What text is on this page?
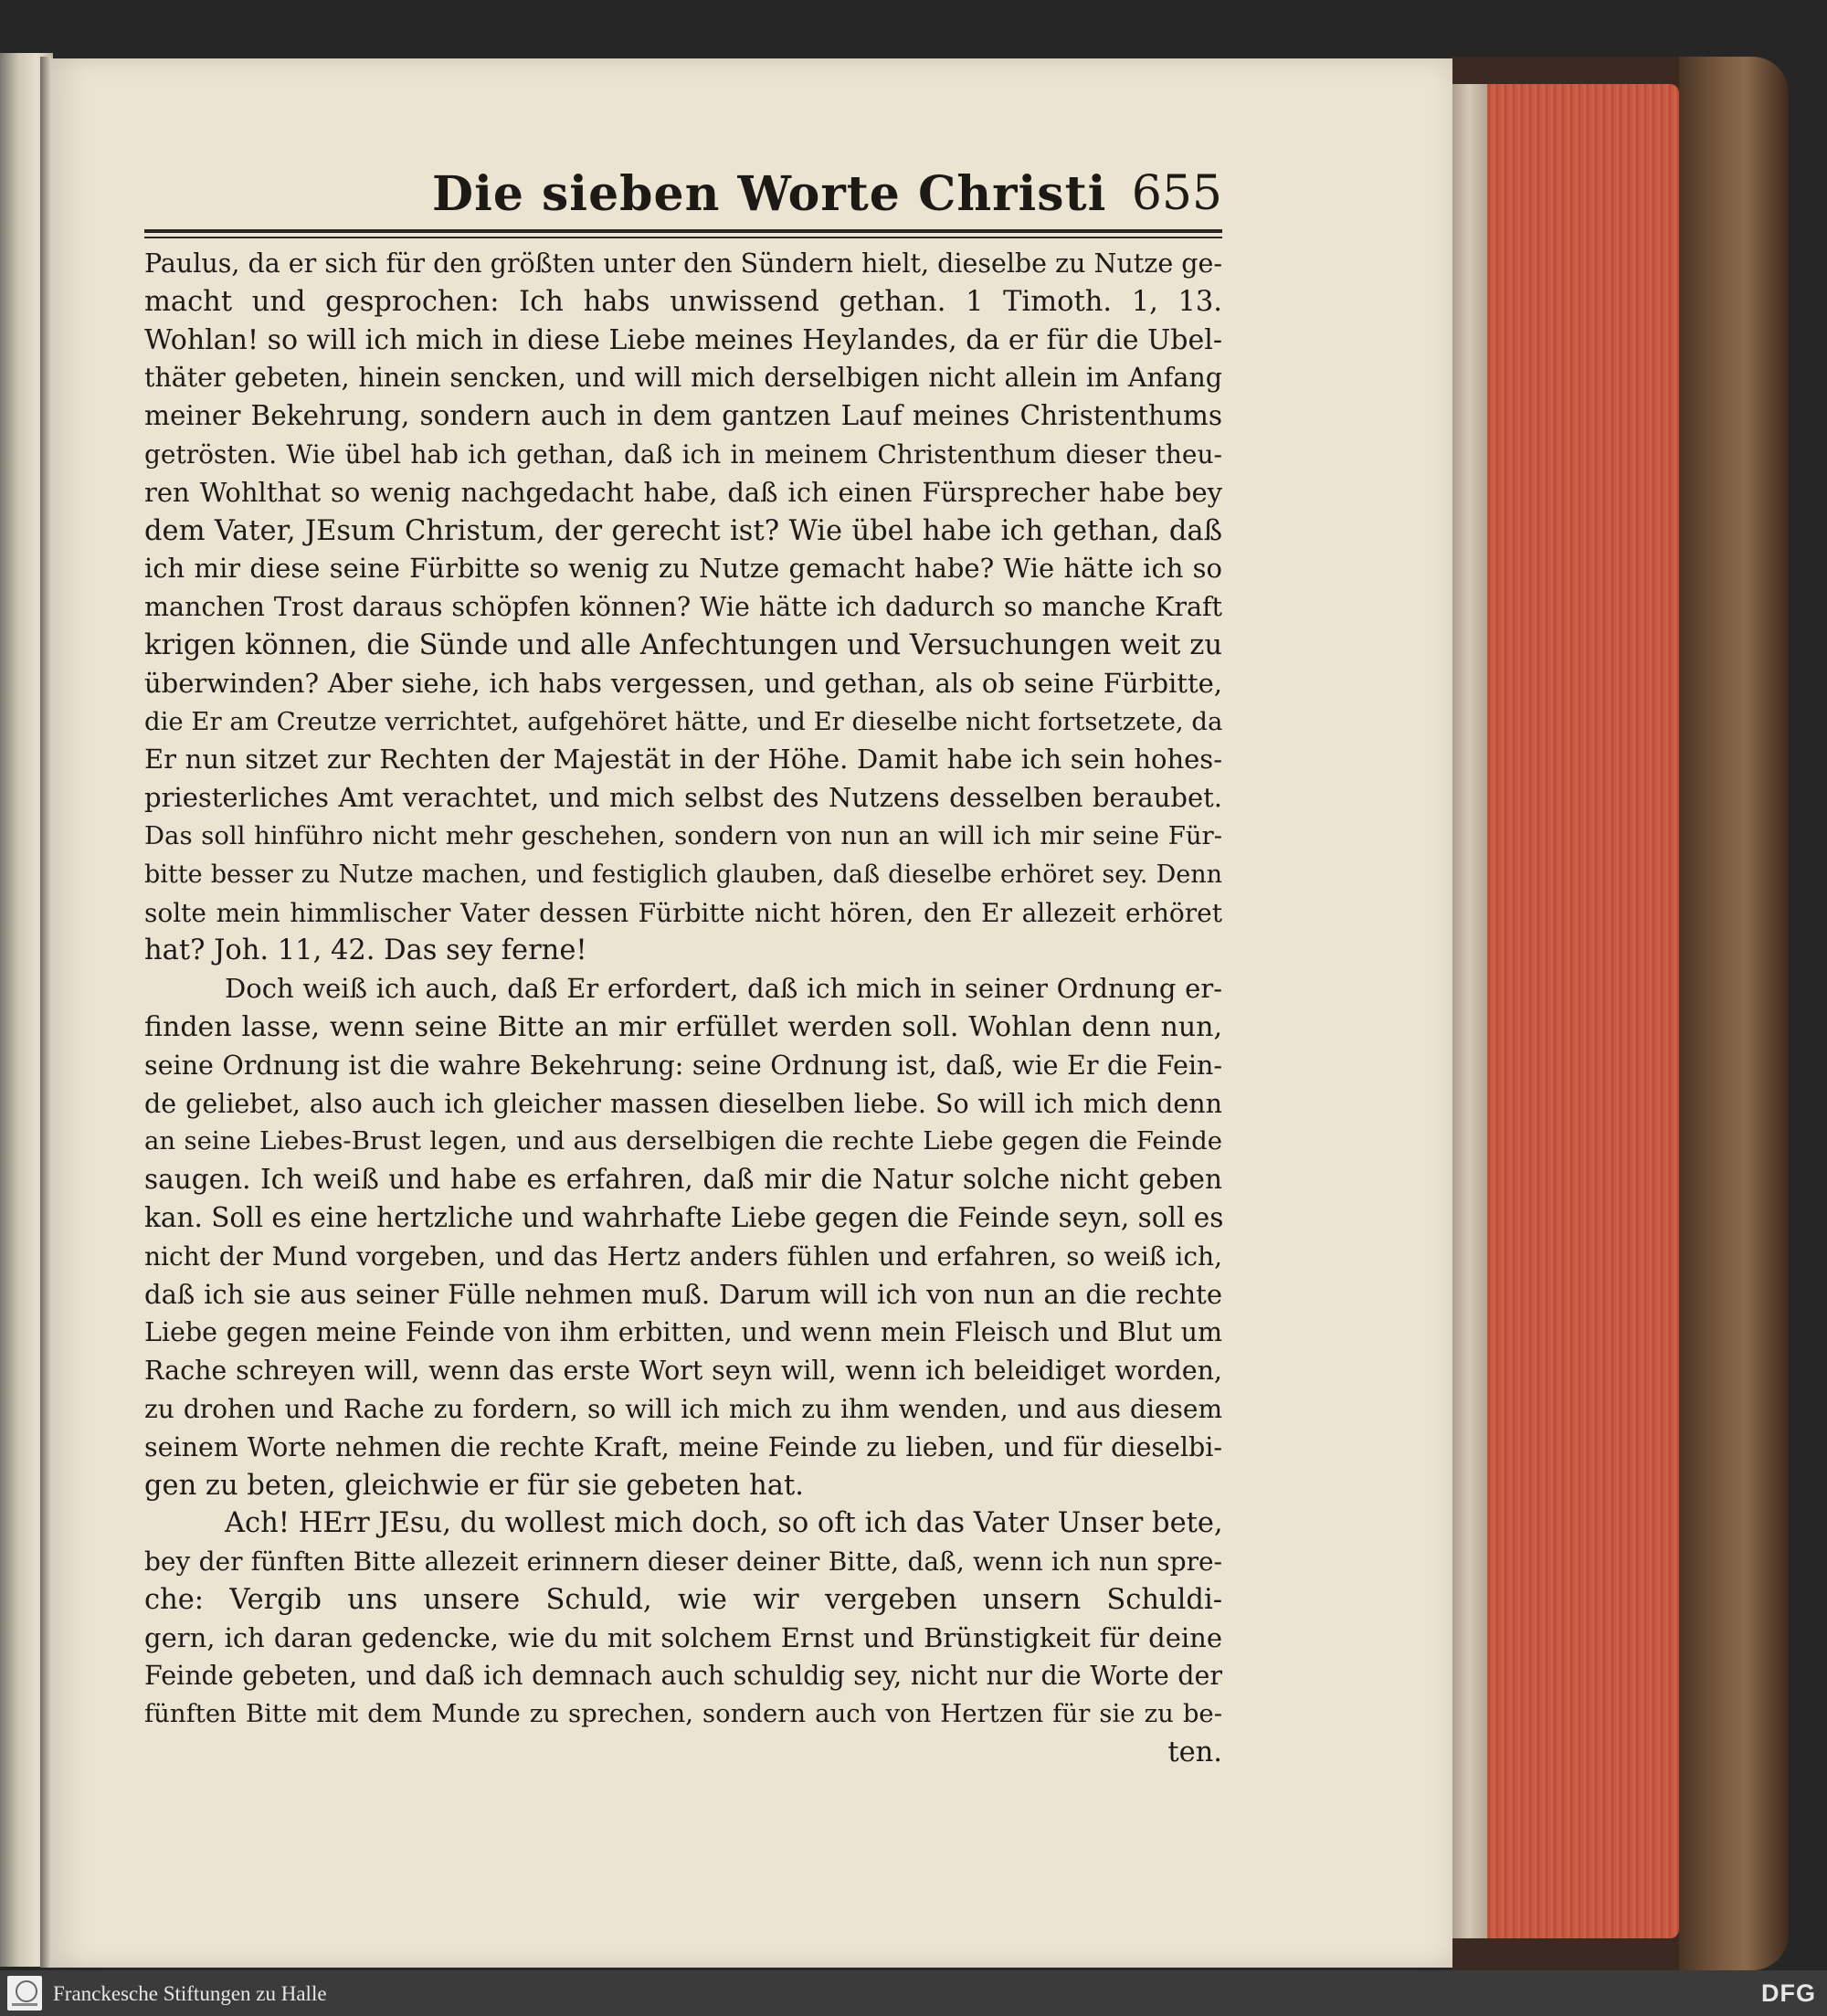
Die sieben Worte Christi 655
Paulus, da er sich für den größten unter den Sündern hielt, dieselbe zu Nutze ge-
macht und gesprochen: Ich habs unwissend gethan. 1 Timoth. 1, 13.
Wohlan! so will ich mich in diese Liebe meines Heylandes, da er für die Ubel-
thäter gebeten, hinein sencken, und will mich derselbigen nicht allein im Anfang
meiner Bekehrung, sondern auch in dem gantzen Lauf meines Christenthums
getrösten. Wie übel hab ich gethan, daß ich in meinem Christenthum dieser theu-
ren Wohlthat so wenig nachgedacht habe, daß ich einen Fürsprecher habe bey
dem Vater, JEsum Christum, der gerecht ist? Wie übel habe ich gethan, daß
ich mir diese seine Fürbitte so wenig zu Nutze gemacht habe? Wie hätte ich so
manchen Trost daraus schöpfen können? Wie hätte ich dadurch so manche Kraft
krigen können, die Sünde und alle Anfechtungen und Versuchungen weit zu
überwinden? Aber siehe, ich habs vergessen, und gethan, als ob seine Fürbitte,
die Er am Creutze verrichtet, aufgehöret hätte, und Er dieselbe nicht fortsetzete, da
Er nun sitzet zur Rechten der Majestät in der Höhe. Damit habe ich sein hohes-
priesterliches Amt verachtet, und mich selbst des Nutzens desselben beraubet.
Das soll hinführo nicht mehr geschehen, sondern von nun an will ich mir seine Für-
bitte besser zu Nutze machen, und festiglich glauben, daß dieselbe erhöret sey. Denn
solte mein himmlischer Vater dessen Fürbitte nicht hören, den Er allezeit erhöret
hat? Joh. 11, 42. Das sey ferne!
Doch weiß ich auch, daß Er erfordert, daß ich mich in seiner Ordnung er-
finden lasse, wenn seine Bitte an mir erfüllet werden soll. Wohlan denn nun,
seine Ordnung ist die wahre Bekehrung: seine Ordnung ist, daß, wie Er die Fein-
de geliebet, also auch ich gleicher massen dieselben liebe. So will ich mich denn
an seine Liebes-Brust legen, und aus derselbigen die rechte Liebe gegen die Feinde
saugen. Ich weiß und habe es erfahren, daß mir die Natur solche nicht geben
kan. Soll es eine hertzliche und wahrhafte Liebe gegen die Feinde seyn, soll es
nicht der Mund vorgeben, und das Hertz anders fühlen und erfahren, so weiß ich,
daß ich sie aus seiner Fülle nehmen muß. Darum will ich von nun an die rechte
Liebe gegen meine Feinde von ihm erbitten, und wenn mein Fleisch und Blut um
Rache schreyen will, wenn das erste Wort seyn will, wenn ich beleidiget worden,
zu drohen und Rache zu fordern, so will ich mich zu ihm wenden, und aus diesem
seinem Worte nehmen die rechte Kraft, meine Feinde zu lieben, und für dieselbi-
gen zu beten, gleichwie er für sie gebeten hat.
Ach! HErr JEsu, du wollest mich doch, so oft ich das Vater Unser bete,
bey der fünften Bitte allezeit erinnern dieser deiner Bitte, daß, wenn ich nun spre-
che: Vergib uns unsere Schuld, wie wir vergeben unsern Schuldi-
gern, ich daran gedencke, wie du mit solchem Ernst und Brünstigkeit für deine
Feinde gebeten, und daß ich demnach auch schuldig sey, nicht nur die Worte der
fünften Bitte mit dem Munde zu sprechen, sondern auch von Hertzen für sie zu be-
ten.
Franckesche Stiftungen zu Halle	DFG
